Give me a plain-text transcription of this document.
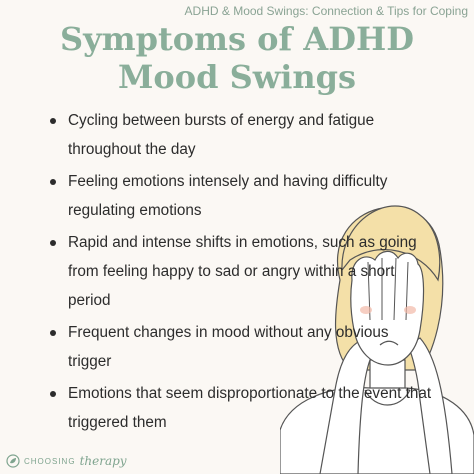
ADHD & Mood Swings: Connection & Tips for Coping
Symptoms of ADHD
Mood Swings
Cycling between bursts of energy and fatigue throughout the day
Feeling emotions intensely and having difficulty regulating emotions
Rapid and intense shifts in emotions, such as going from feeling happy to sad or angry within a short period
Frequent changes in mood without any obvious trigger
Emotions that seem disproportionate to the event that triggered them
CHOOSING therapy
